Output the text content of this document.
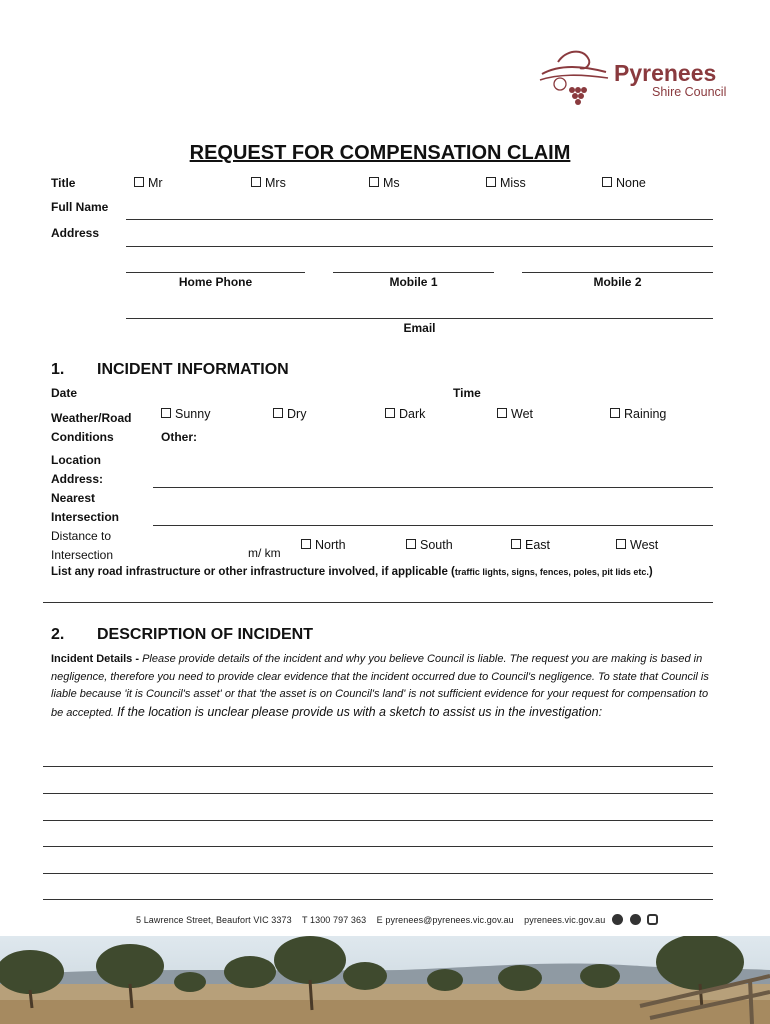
Pyrenees
Shire Council
REQUEST FOR COMPENSATION CLAIM
Title	Mr	Mrs	Ms	Miss	None
Full Name
Address
Home Phone	Mobile 1	Mobile 2
Email
1. INCIDENT INFORMATION
Date	Time
Weather/Road
Conditions
Sunny	Dry	Dark	Wet	Raining
Other:
Location
Address:
Nearest
Intersection
Distance to
Intersection	m/ km
North	South	East	West
List any road infrastructure or other infrastructure involved, if applicable (traffic lights, signs, fences, poles, pit lids etc.)
2. DESCRIPTION OF INCIDENT
Incident Details - Please provide details of the incident and why you believe Council is liable. The request you are making is based in negligence, therefore you need to provide clear evidence that the incident occurred due to Council's negligence. To state that Council is liable because 'it is Council's asset' or that 'the asset is on Council's land' is not sufficient evidence for your request for compensation to be accepted. If the location is unclear please provide us with a sketch to assist us in the investigation:
5 Lawrence Street, Beaufort VIC 3373 T 1300 797 363 E pyrenees@pyrenees.vic.gov.au pyrenees.vic.gov.au
